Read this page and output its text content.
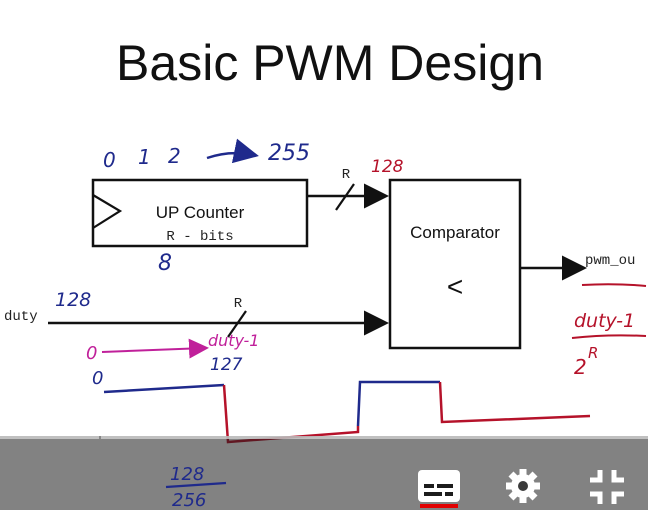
Basic PWM Design
0 1 2	255
UP Counter
R - bits
8
R 128
Comparator
<
pwm_ou
duty-1
2
R
duty
128	R
0
duty-1
0
127
128
256
